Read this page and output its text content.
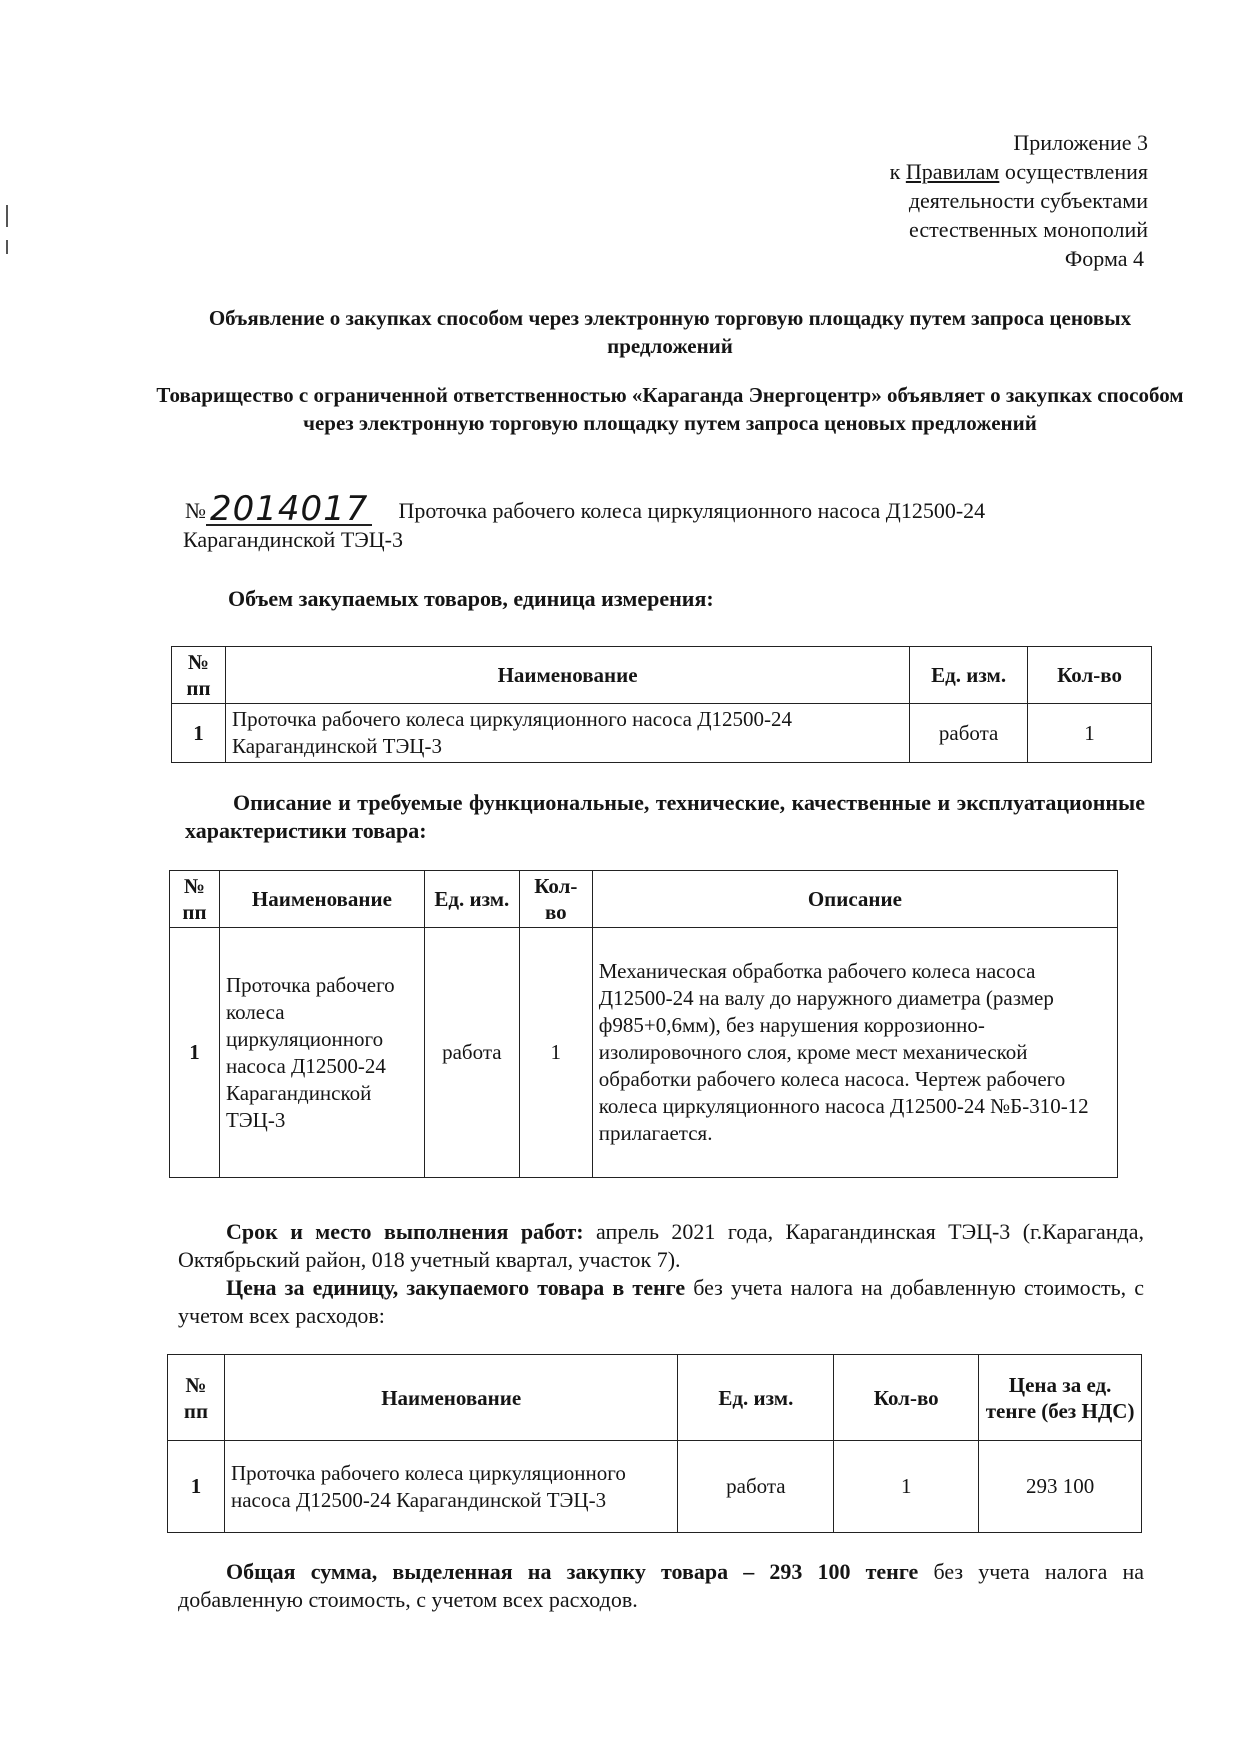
Приложение 3
к Правилам осуществления
деятельности субъектами
естественных монополий
Форма 4
Объявление о закупках способом через электронную торговую площадку путем запроса ценовых предложений
Товарищество с ограниченной ответственностью «Караганда Энергоцентр» объявляет о закупках способом через электронную торговую площадку путем запроса ценовых предложений
№ 2014017 Проточка рабочего колеса циркуляционного насоса Д12500-24
Карагандинской ТЭЦ-3
Объем закупаемых товаров, единица измерения:
№ пп	Наименование	Ед. изм.	Кол-во
1	Проточка рабочего колеса циркуляционного насоса Д12500-24 Карагандинской ТЭЦ-3	работа	1
Описание и требуемые функциональные, технические, качественные и эксплуатационные характеристики товара:
№ пп	Наименование	Ед. изм.	Кол-во	Описание
1	Проточка рабочего колеса циркуляционного насоса Д12500-24 Карагандинской ТЭЦ-3	работа	1	Механическая обработка рабочего колеса насоса Д12500-24 на валу до наружного диаметра (размер ф985+0,6мм), без нарушения коррозионно-изолировочного слоя, кроме мест механической обработки рабочего колеса насоса. Чертеж рабочего колеса циркуляционного насоса Д12500-24 №Б-310-12 прилагается.
Срок и место выполнения работ: апрель 2021 года, Карагандинская ТЭЦ-3 (г.Караганда, Октябрьский район, 018 учетный квартал, участок 7).
Цена за единицу, закупаемого товара в тенге без учета налога на добавленную стоимость, с учетом всех расходов:
№ пп	Наименование	Ед. изм.	Кол-во	Цена за ед. тенге (без НДС)
1	Проточка рабочего колеса циркуляционного насоса Д12500-24 Карагандинской ТЭЦ-3	работа	1	293 100
Общая сумма, выделенная на закупку товара – 293 100 тенге без учета налога на добавленную стоимость, с учетом всех расходов.
